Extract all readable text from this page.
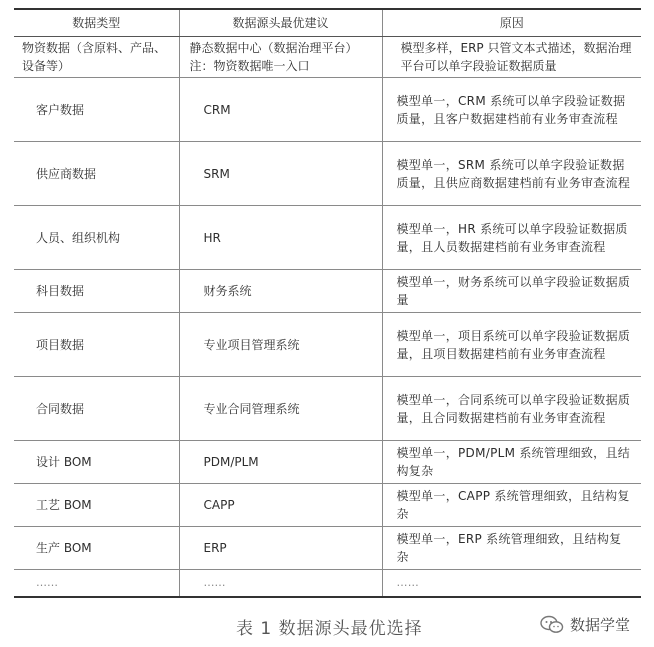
数据类型	数据源头最优建议	原因
物资数据（含原料、产品、设备等）	静态数据中心（数据治理平台）注：物资数据唯一入口	模型多样，ERP 只管文本式描述，数据治理平台可以单字段验证数据质量
客户数据	CRM	模型单一，CRM 系统可以单字段验证数据质量，且客户数据建档前有业务审查流程
供应商数据	SRM	模型单一，SRM 系统可以单字段验证数据质量，且供应商数据建档前有业务审查流程
人员、组织机构	HR	模型单一，HR 系统可以单字段验证数据质量，且人员数据建档前有业务审查流程
科目数据	财务系统	模型单一，财务系统可以单字段验证数据质量
项目数据	专业项目管理系统	模型单一，项目系统可以单字段验证数据质量，且项目数据建档前有业务审查流程
合同数据	专业合同管理系统	模型单一，合同系统可以单字段验证数据质量，且合同数据建档前有业务审查流程
设计 BOM	PDM/PLM	模型单一，PDM/PLM 系统管理细致，且结构复杂
工艺 BOM	CAPP	模型单一，CAPP 系统管理细致，且结构复杂
生产 BOM	ERP	模型单一，ERP 系统管理细致，且结构复杂
……	……	……
表 1 数据源头最优选择	数据学堂
